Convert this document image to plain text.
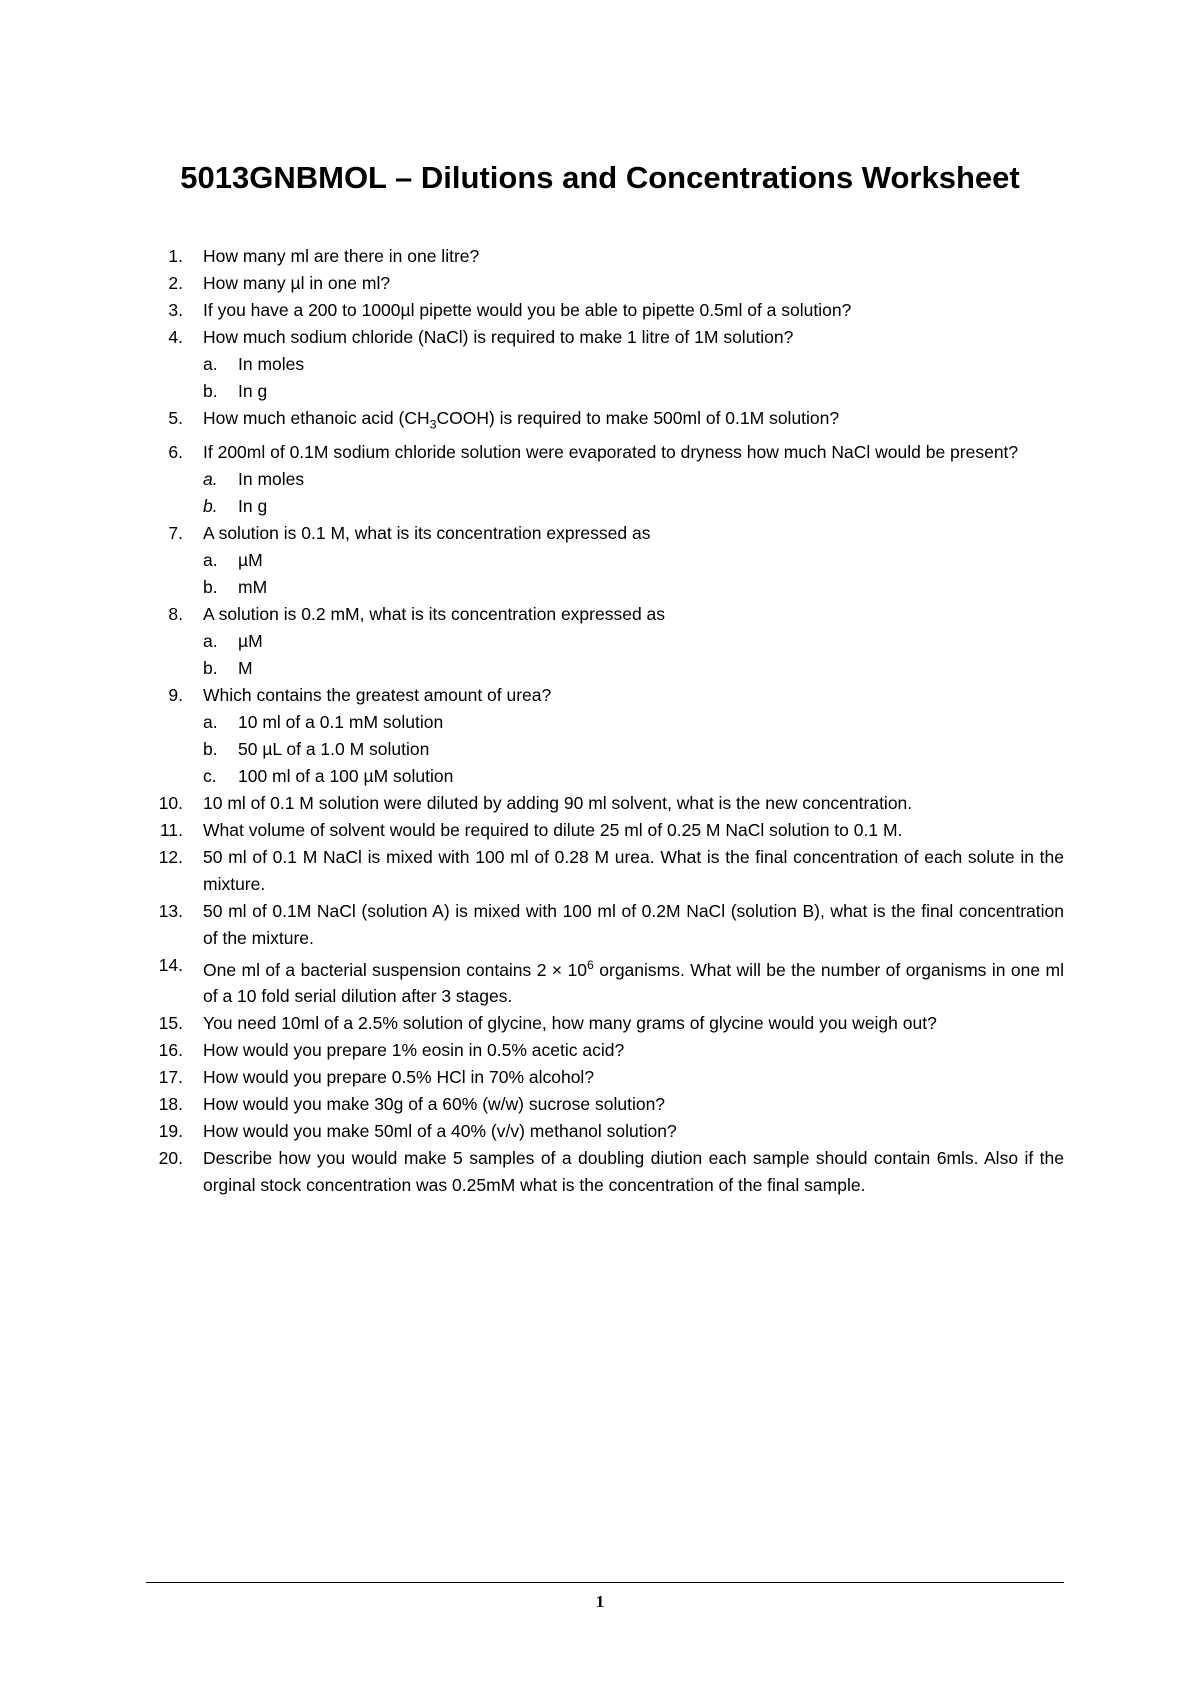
5013GNBMOL – Dilutions and Concentrations Worksheet
1. How many ml are there in one litre?
2. How many µl in one ml?
3. If you have a 200 to 1000µl pipette would you be able to pipette 0.5ml of a solution?
4. How much sodium chloride (NaCl) is required to make 1 litre of 1M solution?
a.	In moles
b.	In g
5. How much ethanoic acid $(CH_3COOH)$ is required to make 500ml of 0.1M solution?
6. If 200ml of 0.1M sodium chloride solution were evaporated to dryness how much NaCl would be present?
a.	In moles
b.	In g
7. A solution is 0.1 M, what is its concentration expressed as
a.	µM
b.	mM
8. A solution is 0.2 mM, what is its concentration expressed as
a.	µM
b.	M
9. Which contains the greatest amount of urea?
a.	10 ml of a 0.1 mM solution
b.	50 µL of a 1.0 M solution
c.	100 ml of a 100 µM solution
10. 10 ml of 0.1 M solution were diluted by adding 90 ml solvent, what is the new concentration.
11. What volume of solvent would be required to dilute 25 ml of 0.25 M NaCl solution to 0.1 M.
12. 50 ml of 0.1 M NaCl is mixed with 100 ml of 0.28 M urea. What is the final concentration of each solute in the mixture.
13. 50 ml of 0.1M NaCl (solution A) is mixed with 100 ml of 0.2M NaCl (solution B), what is the final concentration of the mixture.
14. One ml of a bacterial suspension contains $2 \times 10^6$ organisms. What will be the number of organisms in one ml of a 10 fold serial dilution after 3 stages.
15. You need 10ml of a 2.5% solution of glycine, how many grams of glycine would you weigh out?
16. How would you prepare 1% eosin in 0.5% acetic acid?
17. How would you prepare 0.5% HCl in 70% alcohol?
18. How would you make 30g of a 60% (w/w) sucrose solution?
19. How would you make 50ml of a 40% (v/v) methanol solution?
20. Describe how you would make 5 samples of a doubling diution each sample should contain 6mls. Also if the orginal stock concentration was 0.25mM what is the concentration of the final sample.
1
